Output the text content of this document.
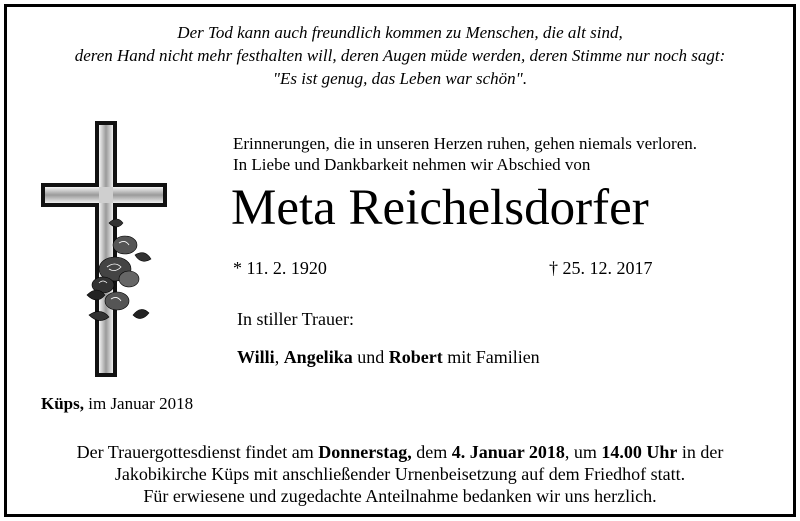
Der Tod kann auch freundlich kommen zu Menschen, die alt sind,
deren Hand nicht mehr festhalten will, deren Augen müde werden, deren Stimme nur noch sagt:
"Es ist genug, das Leben war schön".
Erinnerungen, die in unseren Herzen ruhen, gehen niemals verloren.
In Liebe und Dankbarkeit nehmen wir Abschied von
Meta Reichelsdorfer
* 11. 2. 1920	† 25. 12. 2017
In stiller Trauer:
Willi, Angelika und Robert mit Familien
Küps, im Januar 2018
Der Trauergottesdienst findet am Donnerstag, dem 4. Januar 2018, um 14.00 Uhr in der
Jakobikirche Küps mit anschließender Urnenbeisetzung auf dem Friedhof statt.
Für erwiesene und zugedachte Anteilnahme bedanken wir uns herzlich.
